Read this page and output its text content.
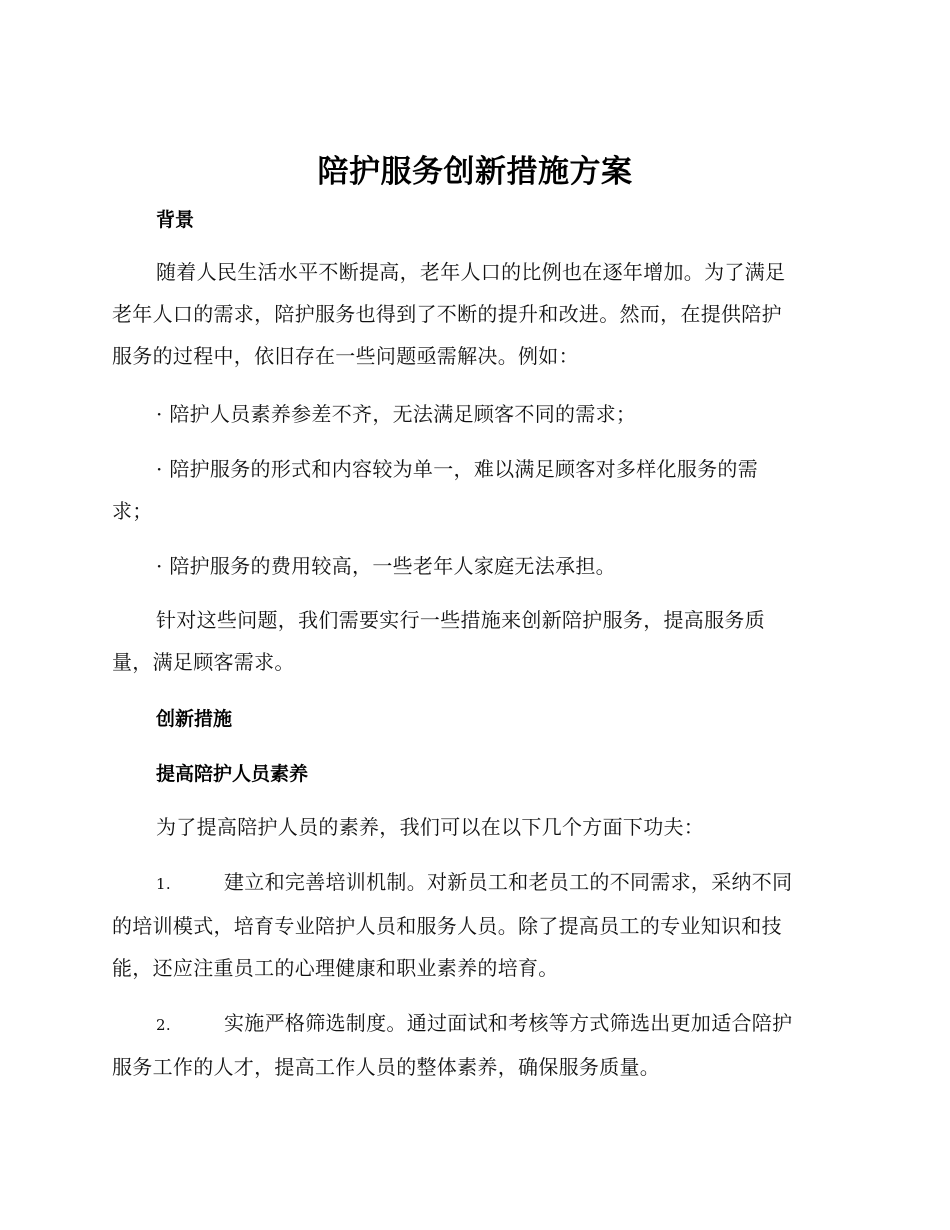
陪护服务创新措施方案
背景
随着人民生活水平不断提高，老年人口的比例也在逐年增加。为了满足
老年人口的需求，陪护服务也得到了不断的提升和改进。然而，在提供陪护
服务的过程中，依旧存在一些问题亟需解决。例如：
· 陪护人员素养参差不齐，无法满足顾客不同的需求；
· 陪护服务的形式和内容较为单一，难以满足顾客对多样化服务的需
求；
· 陪护服务的费用较高，一些老年人家庭无法承担。
针对这些问题，我们需要实行一些措施来创新陪护服务，提高服务质
量，满足顾客需求。
创新措施
提高陪护人员素养
为了提高陪护人员的素养，我们可以在以下几个方面下功夫：
1.	建立和完善培训机制。对新员工和老员工的不同需求，采纳不同
的培训模式，培育专业陪护人员和服务人员。除了提高员工的专业知识和技
能，还应注重员工的心理健康和职业素养的培育。
2.	实施严格筛选制度。通过面试和考核等方式筛选出更加适合陪护
服务工作的人才，提高工作人员的整体素养，确保服务质量。
